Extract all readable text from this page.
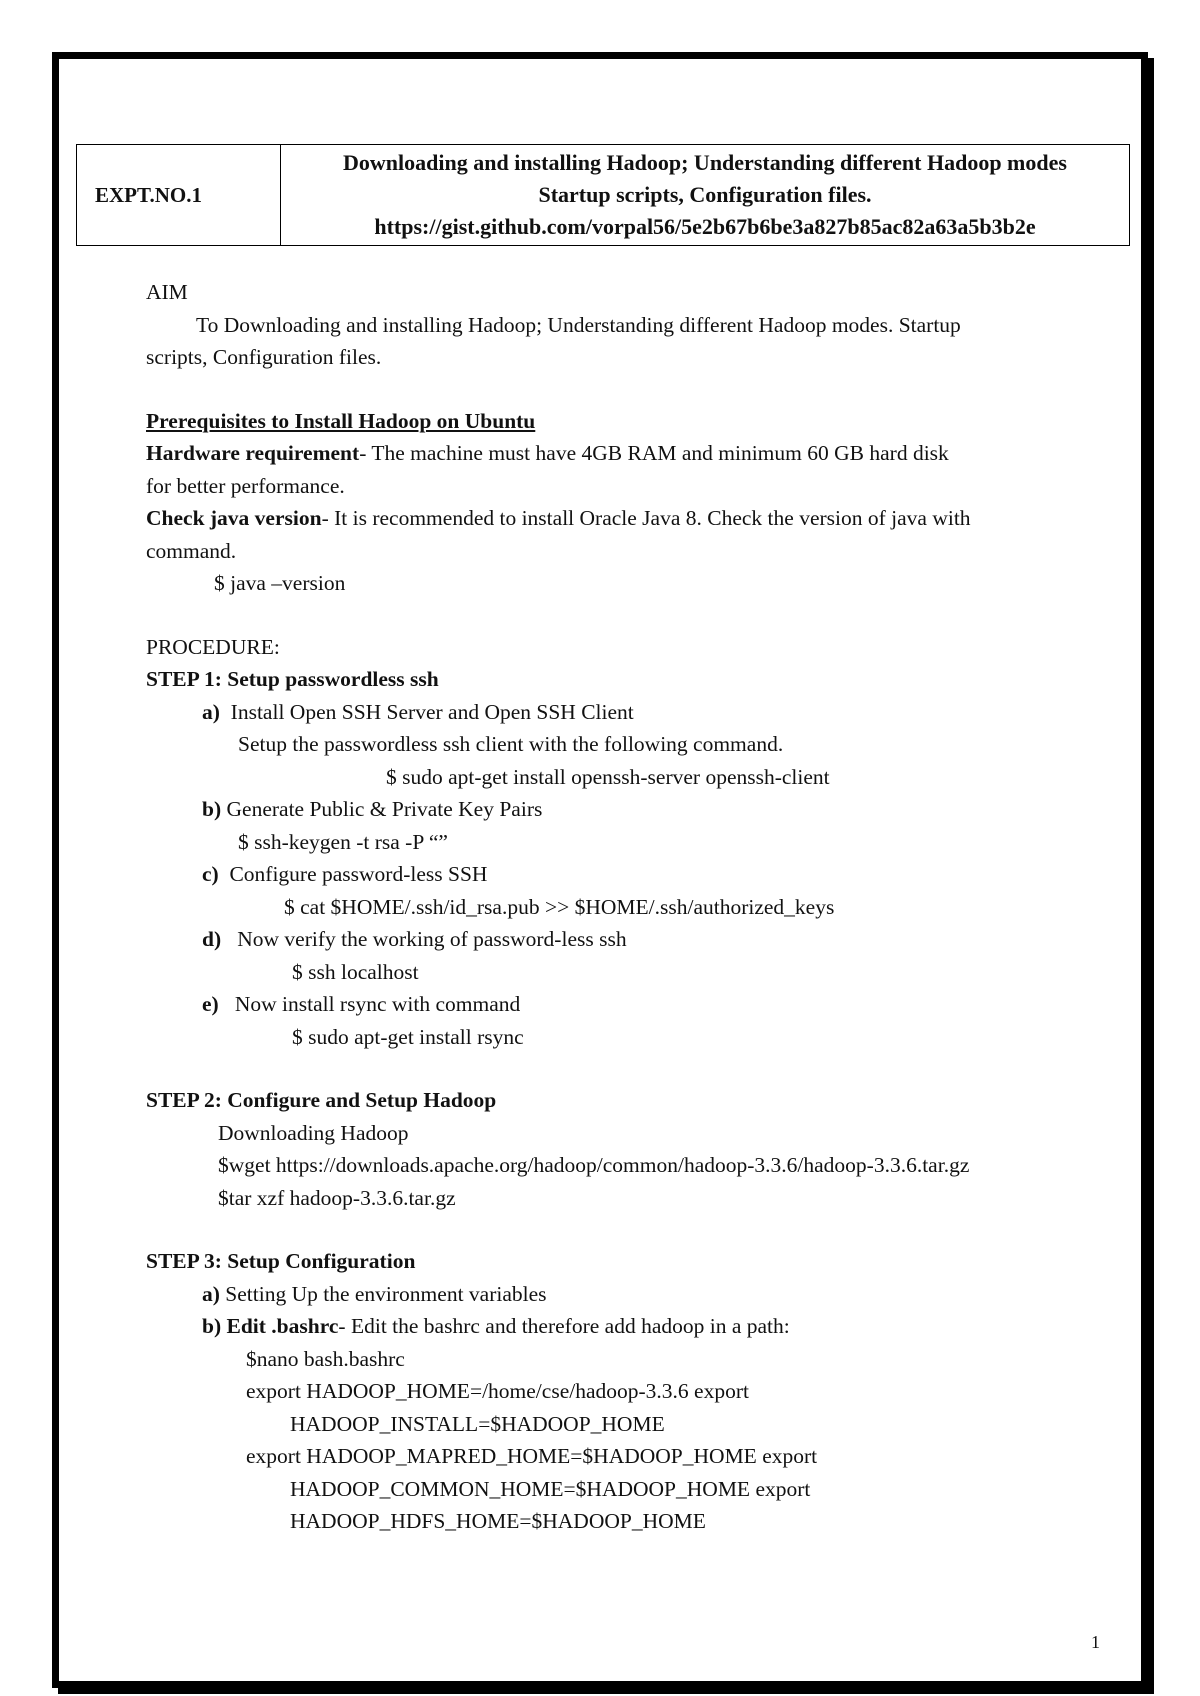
EXPT.NO.1	
Downloading and installing Hadoop; Understanding different Hadoop modes
Startup scripts, Configuration files.
https://gist.github.com/vorpal56/5e2b67b6be3a827b85ac82a63a5b3b2e
AIM
To Downloading and installing Hadoop; Understanding different Hadoop modes. Startup
scripts, Configuration files.
Prerequisites to Install Hadoop on Ubuntu
Hardware requirement- The machine must have 4GB RAM and minimum 60 GB hard disk
for better performance.
Check java version- It is recommended to install Oracle Java 8. Check the version of java with
command.
$ java –version
PROCEDURE:
STEP 1: Setup passwordless ssh
a) Install Open SSH Server and Open SSH Client
Setup the passwordless ssh client with the following command.
$ sudo apt-get install openssh-server openssh-client
b) Generate Public & Private Key Pairs
$ ssh-keygen -t rsa -P “”
c) Configure password-less SSH
$ cat $HOME/.ssh/id_rsa.pub >> $HOME/.ssh/authorized_keys
d) Now verify the working of password-less ssh
$ ssh localhost
e) Now install rsync with command
$ sudo apt-get install rsync
STEP 2: Configure and Setup Hadoop
Downloading Hadoop
$wget https://downloads.apache.org/hadoop/common/hadoop-3.3.6/hadoop-3.3.6.tar.gz
$tar xzf hadoop-3.3.6.tar.gz
STEP 3: Setup Configuration
a) Setting Up the environment variables
b) Edit .bashrc- Edit the bashrc and therefore add hadoop in a path:
$nano bash.bashrc
export HADOOP_HOME=/home/cse/hadoop-3.3.6 export
HADOOP_INSTALL=$HADOOP_HOME
export HADOOP_MAPRED_HOME=$HADOOP_HOME export
HADOOP_COMMON_HOME=$HADOOP_HOME export
HADOOP_HDFS_HOME=$HADOOP_HOME
1
